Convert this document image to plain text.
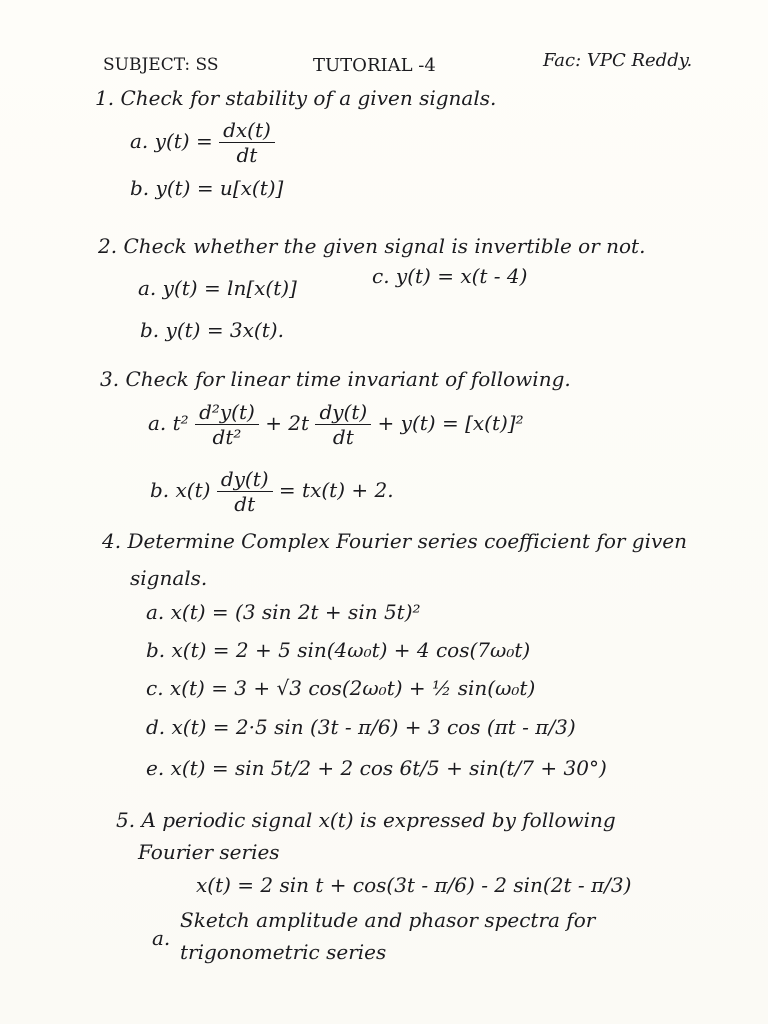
SUBJECT: SS	TUTORIAL -4	Fac: VPC Reddy.
1. Check for stability of a given signals.
a. $y(t) = \frac{dx(t)}{dt}$
b. y(t) = u[x(t)]
2. Check whether the given signal is invertible or not.
a. y(t) = ln[x(t)]	c. y(t) = x(t - 4)
b. y(t) = 3x(t).
3. Check for linear time invariant of following.
a. $t^2 \frac{\text{d²y(t)}}{\text{dt²}} + 2t \frac{dy(t)}{dt} + y(t) = [x(t)]^2$
b. $x(t) \frac{dy(t)}{dt} = tx(t) + 2$.
4. Determine Complex Fourier series coefficient for given
signals.
a. x(t) = (3 sin 2t + sin 5t)²
b. x(t) = 2 + 5 sin(4ω₀t) + 4 cos(7ω₀t)
c. x(t) = 3 + √3 cos(2ω₀t) + ½ sin(ω₀t)
d. x(t) = 2·5 sin (3t - π/6) + 3 cos (πt - π/3)
e. x(t) = sin 5t/2 + 2 cos 6t/5 + sin(t/7 + 30°)
5. A periodic signal x(t) is expressed by following
Fourier series
x(t) = 2 sin t + cos(3t - π/6) - 2 sin(2t - π/3)
a.
Sketch amplitude and phasor spectra for
trigonometric series
